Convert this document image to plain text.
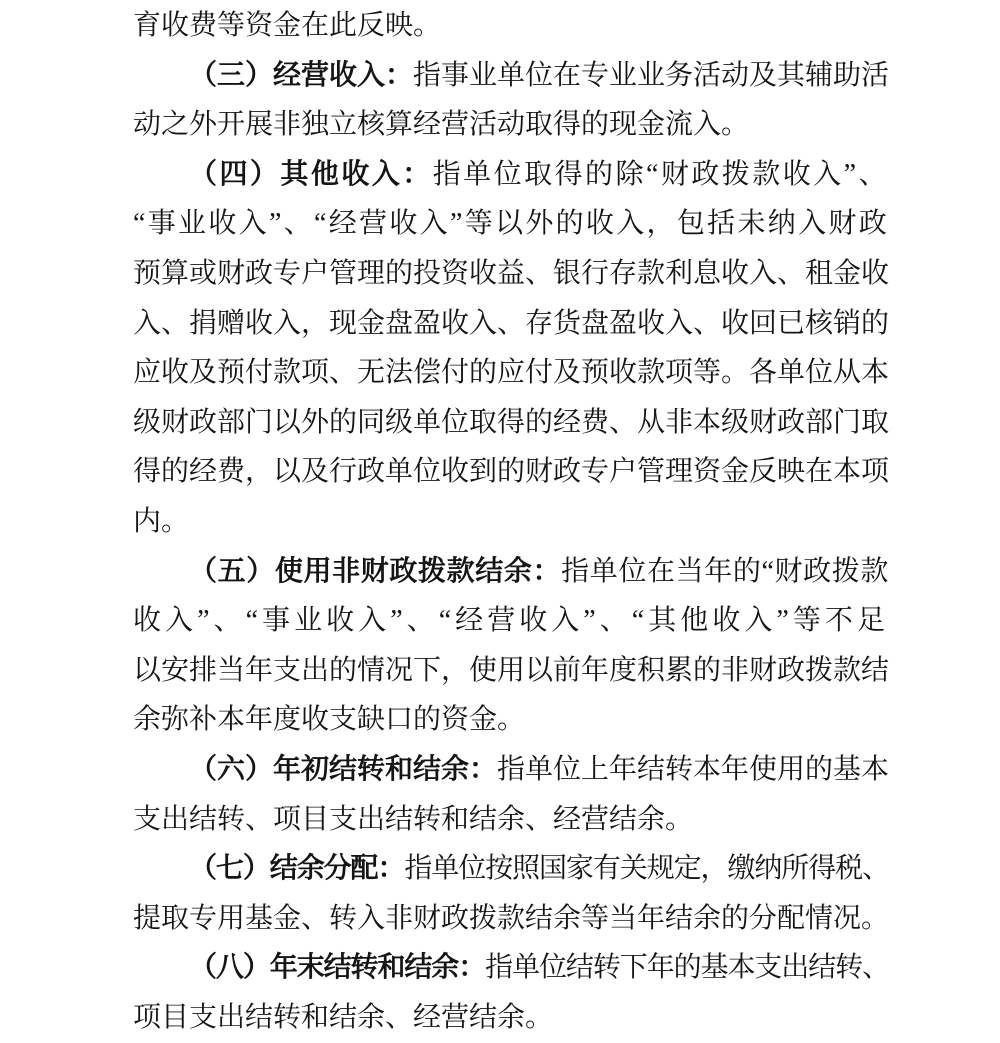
育收费等资金在此反映。
（三）经营收入：指事业单位在专业业务活动及其辅助活
动之外开展非独立核算经营活动取得的现金流入。
（四）其他收入：指单位取得的除“财政拨款收入”、
“事业收入”、“经营收入”等以外的收入，包括未纳入财政
预算或财政专户管理的投资收益、银行存款利息收入、租金收
入、捐赠收入，现金盘盈收入、存货盘盈收入、收回已核销的
应收及预付款项、无法偿付的应付及预收款项等。各单位从本
级财政部门以外的同级单位取得的经费、从非本级财政部门取
得的经费，以及行政单位收到的财政专户管理资金反映在本项
内。
（五）使用非财政拨款结余：指单位在当年的“财政拨款
收入”、“事业收入”、“经营收入”、“其他收入”等不足
以安排当年支出的情况下，使用以前年度积累的非财政拨款结
余弥补本年度收支缺口的资金。
（六）年初结转和结余：指单位上年结转本年使用的基本
支出结转、项目支出结转和结余、经营结余。
（七）结余分配：指单位按照国家有关规定，缴纳所得税、
提取专用基金、转入非财政拨款结余等当年结余的分配情况。
（八）年末结转和结余：指单位结转下年的基本支出结转、
项目支出结转和结余、经营结余。
